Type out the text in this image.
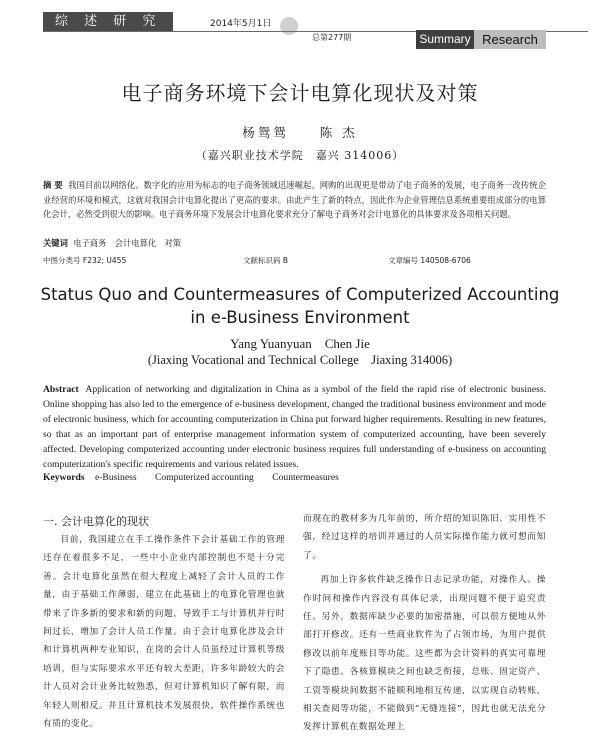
综 述 研 究	2014年5月1日
总第277期	Summary Research
电子商务环境下会计电算化现状及对策
杨鸳鸳　　陈 杰
（嘉兴职业技术学院　嘉兴 314006）
摘 要 我国目前以网络化、数字化的应用为标志的电子商务领域迅速崛起。网购的出现更是带动了电子商务的发展，电子商务一改传统企业经营的环境和模式，这就对我国会计电算化提出了更高的要求。由此产生了新的特点，因此作为企业管理信息系统重要组成部分的电算化会计，必然受到很大的影响。电子商务环境下发展会计电算化要求充分了解电子商务对会计电算化的具体要求及各项相关问题。
关键词 电子商务　会计电算化　对策
中图分类号 F232; U455	文献标识码 B	文章编号 140508-6706
Status Quo and Countermeasures of Computerized Accounting
in e-Business Environment
Yang Yuanyuan　Chen Jie
(Jiaxing Vocational and Technical College　Jiaxing 314006)
Abstract Application of networking and digitalization in China as a symbol of the field the rapid rise of electronic business. Online shopping has also led to the emergence of e-business development, changed the traditional business environment and mode of electronic business, which for accounting computerization in China put forward higher requirements. Resulting in new features, so that as an important part of enterprise management information system of computerized accounting, have been severely affected. Developing computerized accounting under electronic business requires full understanding of e-business on accounting computerization's specific requirements and various related issues.
Keywords e-Business Computerized accounting Countermeasures
一. 会计电算化的现状

目前，我国建立在手工操作条件下会计基础工作的管理还存在着很多不足，一些中小企业内部控制也不是十分完善。会计电算化虽然在很大程度上减轻了会计人员的工作量，由于基础工作薄弱，建立在此基础上的电算化管理也就带来了许多新的要求和新的问题，导致手工与计算机并行时间过长，增加了会计人员工作量。由于会计电算化涉及会计和计算机两种专业知识，在岗的会计人员虽经过计算机等级培训，但与实际要求水平还有较大差距，许多年龄较大的会计人员对会计业务比较熟悉，但对计算机知识了解有限，而年轻人则相反。并且计算机技术发展很快，软件操作系统也有质的变化。

而现在的教材多为几年前的，所介绍的知识陈旧、实用性不强，经过这样的培训并通过的人员实际操作能力就可想而知了。

再加上许多软件缺乏操作日志记录功能，对操作人、操作时间和操作内容没有具体记录，出现问题不便于追究责任。另外，数据库缺少必要的加密措施，可以很方便地从外部打开修改。还有一些商业软件为了占领市场，为用户提供修改以前年度账目等功能。这些都为会计资料的真实可靠埋下了隐患。各核算模块之间也缺乏衔接，总账、固定资产、工资等模块间数据不能顺利地相互传递，以实现自动转账，相关查阅等功能，不能做到“无缝连接”，因此也就无法充分发挥计算机在数据处理上
